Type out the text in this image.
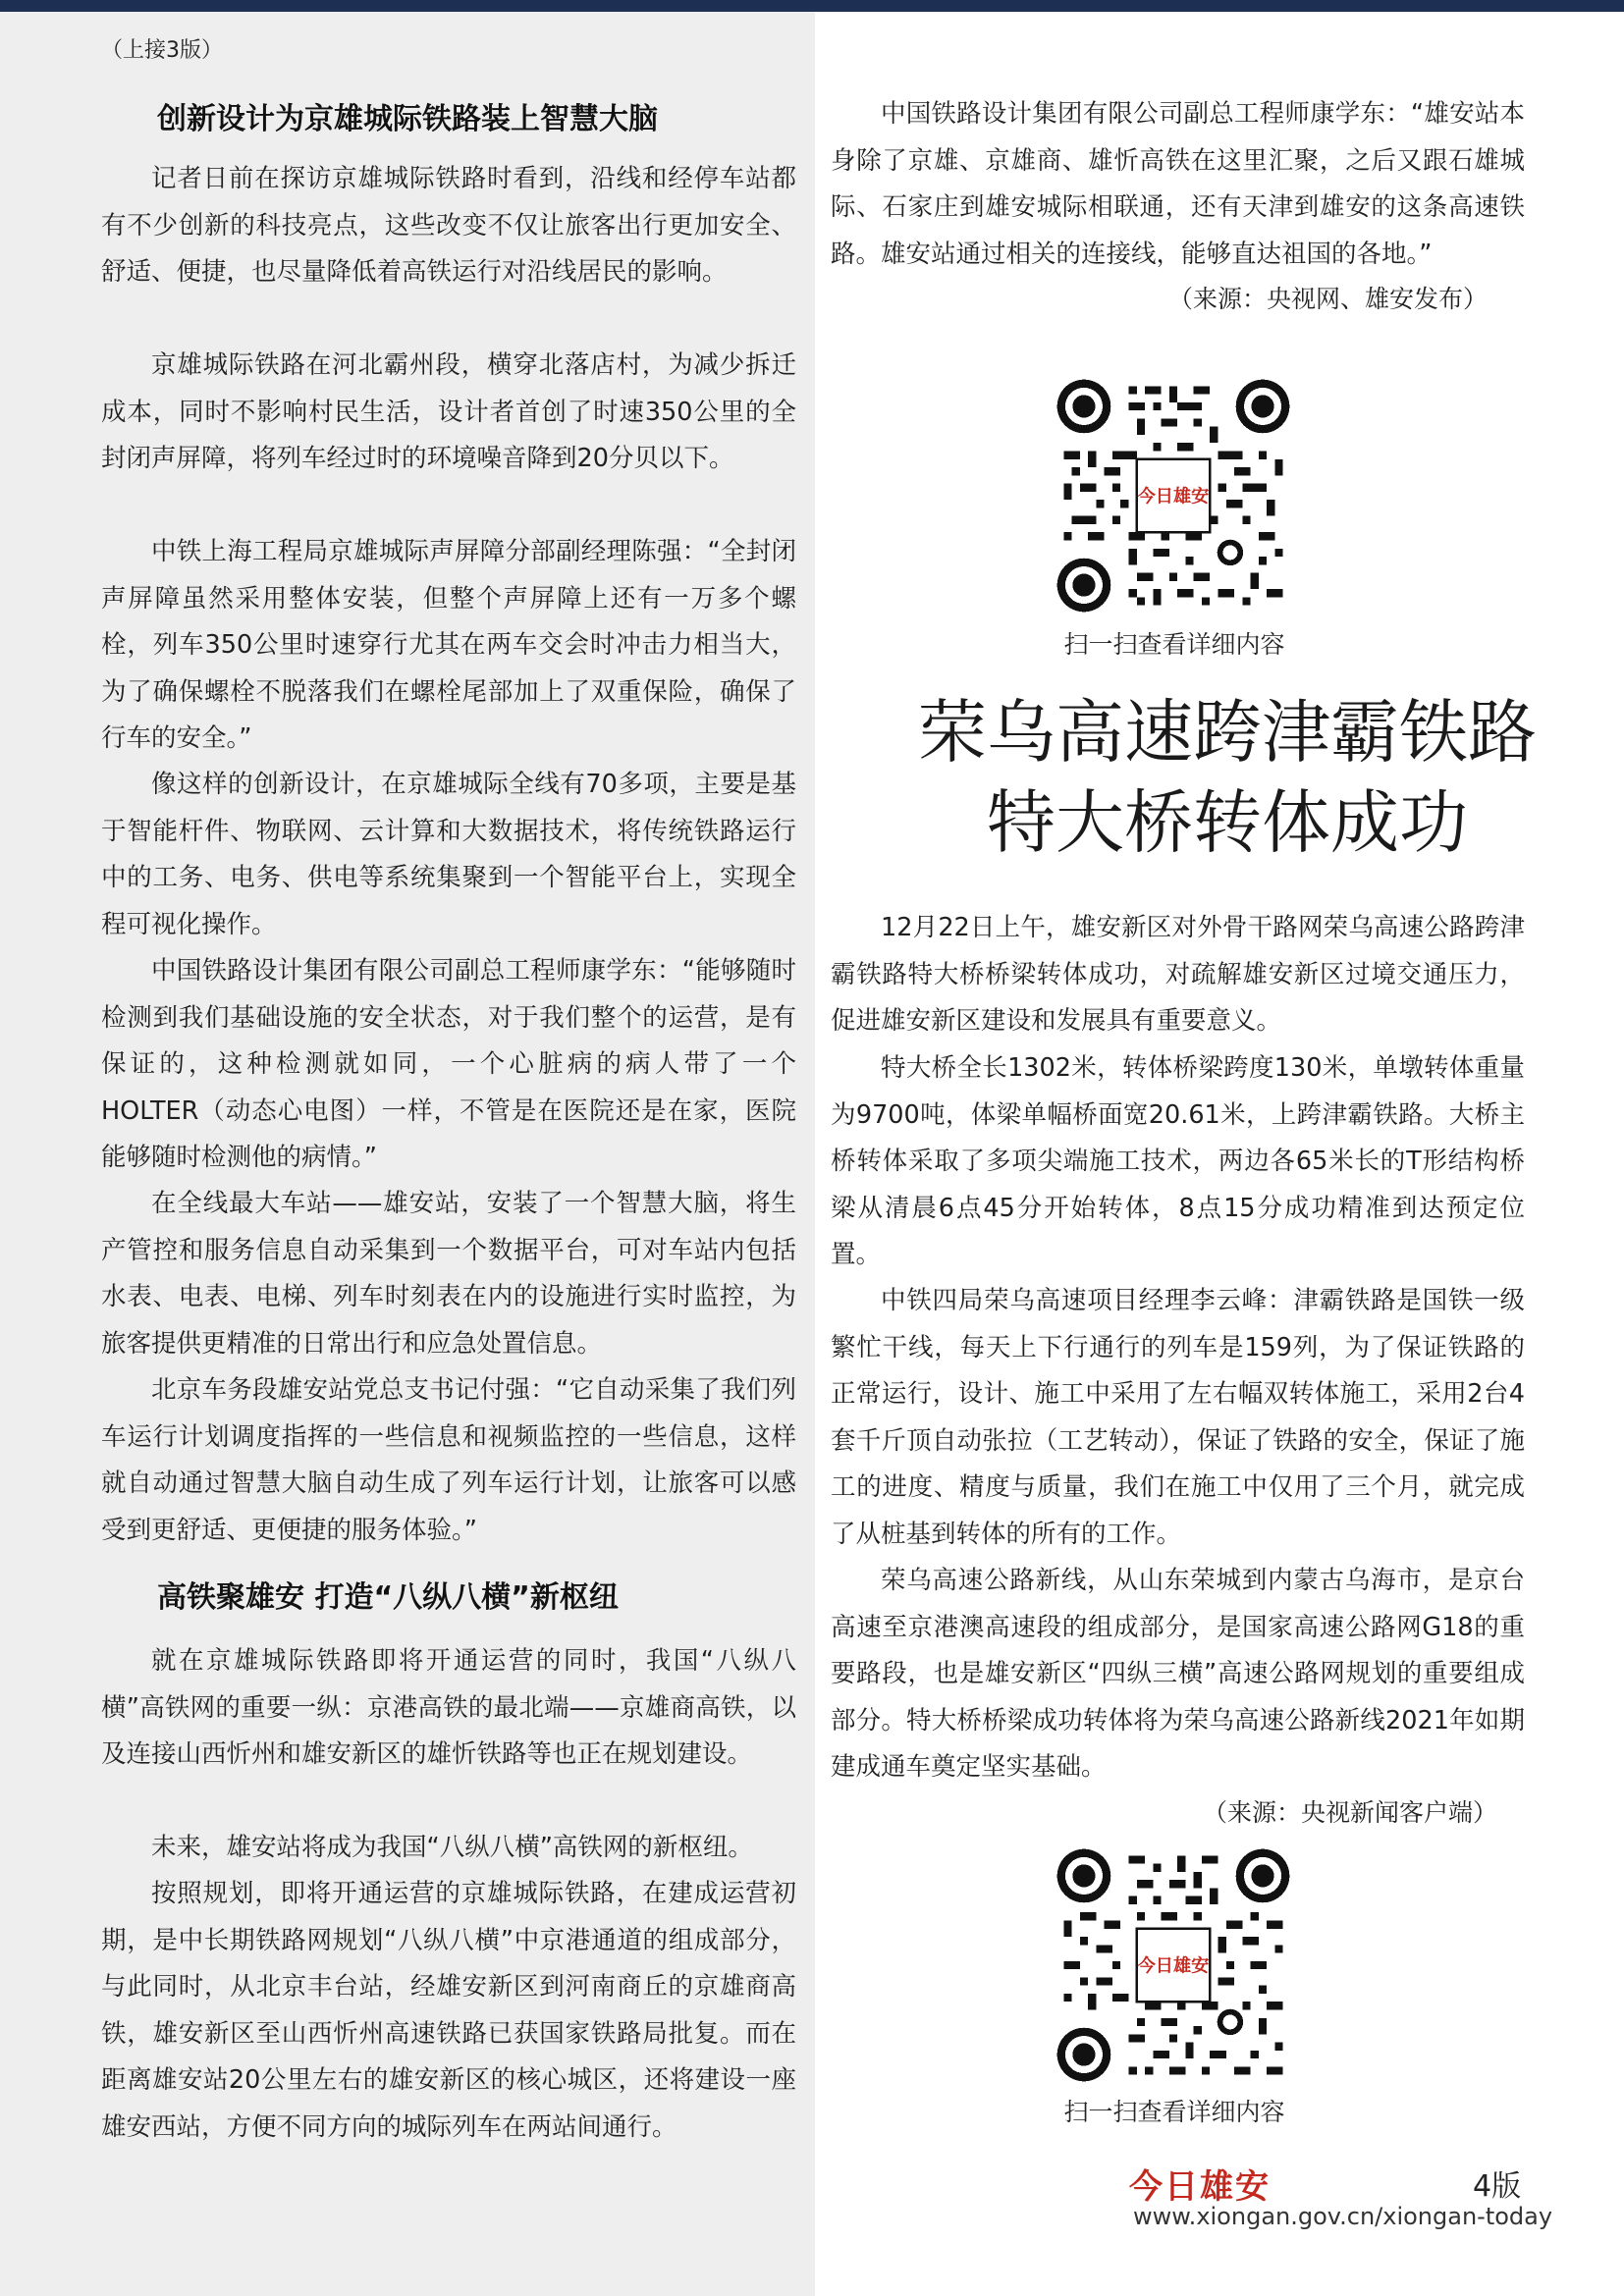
（上接3版）
创新设计为京雄城际铁路装上智慧大脑

记者日前在探访京雄城际铁路时看到，沿线和经停车站都有不少创新的科技亮点，这些改变不仅让旅客出行更加安全、舒适、便捷，也尽量降低着高铁运行对沿线居民的影响。

京雄城际铁路在河北霸州段，横穿北落店村，为减少拆迁成本，同时不影响村民生活，设计者首创了时速350公里的全封闭声屏障，将列车经过时的环境噪音降到20分贝以下。

中铁上海工程局京雄城际声屏障分部副经理陈强：“全封闭声屏障虽然采用整体安装，但整个声屏障上还有一万多个螺栓，列车350公里时速穿行尤其在两车交会时冲击力相当大，为了确保螺栓不脱落我们在螺栓尾部加上了双重保险，确保了行车的安全。”

像这样的创新设计，在京雄城际全线有70多项，主要是基于智能杆件、物联网、云计算和大数据技术，将传统铁路运行中的工务、电务、供电等系统集聚到一个智能平台上，实现全程可视化操作。

中国铁路设计集团有限公司副总工程师康学东：“能够随时检测到我们基础设施的安全状态，对于我们整个的运营，是有保证的，这种检测就如同，一个心脏病的病人带了一个HOLTER（动态心电图）一样，不管是在医院还是在家，医院能够随时检测他的病情。”

在全线最大车站——雄安站，安装了一个智慧大脑，将生产管控和服务信息自动采集到一个数据平台，可对车站内包括水表、电表、电梯、列车时刻表在内的设施进行实时监控，为旅客提供更精准的日常出行和应急处置信息。

北京车务段雄安站党总支书记付强：“它自动采集了我们列车运行计划调度指挥的一些信息和视频监控的一些信息，这样就自动通过智慧大脑自动生成了列车运行计划，让旅客可以感受到更舒适、更便捷的服务体验。”

高铁聚雄安 打造“八纵八横”新枢纽

就在京雄城际铁路即将开通运营的同时，我国“八纵八横”高铁网的重要一纵：京港高铁的最北端——京雄商高铁，以及连接山西忻州和雄安新区的雄忻铁路等也正在规划建设。

未来，雄安站将成为我国“八纵八横”高铁网的新枢纽。

按照规划，即将开通运营的京雄城际铁路，在建成运营初期，是中长期铁路网规划“八纵八横”中京港通道的组成部分，与此同时，从北京丰台站，经雄安新区到河南商丘的京雄商高铁，雄安新区至山西忻州高速铁路已获国家铁路局批复。而在距离雄安站20公里左右的雄安新区的核心城区，还将建设一座雄安西站，方便不同方向的城际列车在两站间通行。

中国铁路设计集团有限公司副总工程师康学东：“雄安站本身除了京雄、京雄商、雄忻高铁在这里汇聚，之后又跟石雄城际、石家庄到雄安城际相联通，还有天津到雄安的这条高速铁路。雄安站通过相关的连接线，能够直达祖国的各地。”

（来源：央视网、雄安发布）
今日雄安
扫一扫查看详细内容
荣乌高速跨津霸铁路
特大桥转体成功

12月22日上午，雄安新区对外骨干路网荣乌高速公路跨津霸铁路特大桥桥梁转体成功，对疏解雄安新区过境交通压力，促进雄安新区建设和发展具有重要意义。

特大桥全长1302米，转体桥梁跨度130米，单墩转体重量为9700吨，体梁单幅桥面宽20.61米，上跨津霸铁路。大桥主桥转体采取了多项尖端施工技术，两边各65米长的T形结构桥梁从清晨6点45分开始转体，8点15分成功精准到达预定位置。

中铁四局荣乌高速项目经理李云峰：津霸铁路是国铁一级繁忙干线，每天上下行通行的列车是159列，为了保证铁路的正常运行，设计、施工中采用了左右幅双转体施工，采用2台4套千斤顶自动张拉（工艺转动），保证了铁路的安全，保证了施工的进度、精度与质量，我们在施工中仅用了三个月，就完成了从桩基到转体的所有的工作。

荣乌高速公路新线，从山东荣城到内蒙古乌海市，是京台高速至京港澳高速段的组成部分，是国家高速公路网G18的重要路段，也是雄安新区“四纵三横”高速公路网规划的重要组成部分。特大桥桥梁成功转体将为荣乌高速公路新线2021年如期建成通车奠定坚实基础。

（来源：央视新闻客户端）
今日雄安
扫一扫查看详细内容
今日雄安	4版
www.xiongan.gov.cn/xiongan-today
